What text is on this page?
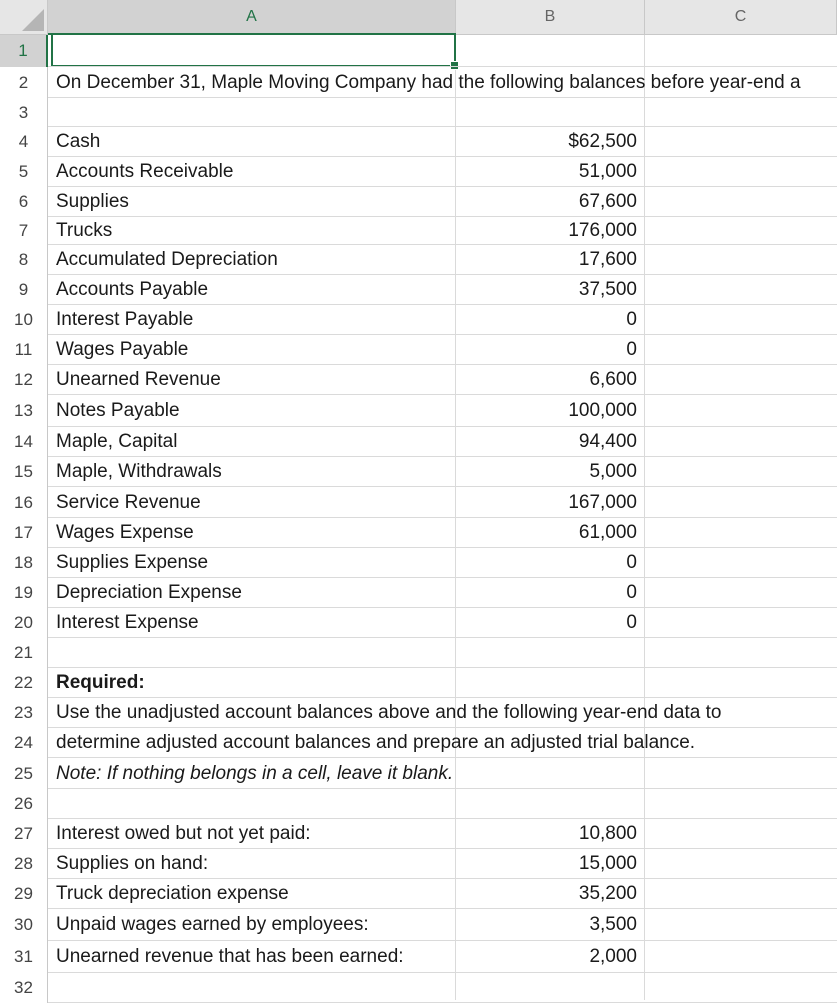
A	B	C
1
2	On December 31, Maple Moving Company had the following balances before year-end a
3
4	Cash	$62,500
5	Accounts Receivable	51,000
6	Supplies	67,600
7	Trucks	176,000
8	Accumulated Depreciation	17,600
9	Accounts Payable	37,500
10	Interest Payable	0
11	Wages Payable	0
12	Unearned Revenue	6,600
13	Notes Payable	100,000
14	Maple, Capital	94,400
15	Maple, Withdrawals	5,000
16	Service Revenue	167,000
17	Wages Expense	61,000
18	Supplies Expense	0
19	Depreciation Expense	0
20	Interest Expense	0
21
22	Required:
23	Use the unadjusted account balances above and the following year-end data to
24	determine adjusted account balances and prepare an adjusted trial balance.
25	Note: If nothing belongs in a cell, leave it blank.
26
27	Interest owed but not yet paid:	10,800
28	Supplies on hand:	15,000
29	Truck depreciation expense	35,200
30	Unpaid wages earned by employees:	3,500
31	Unearned revenue that has been earned:	2,000
32
